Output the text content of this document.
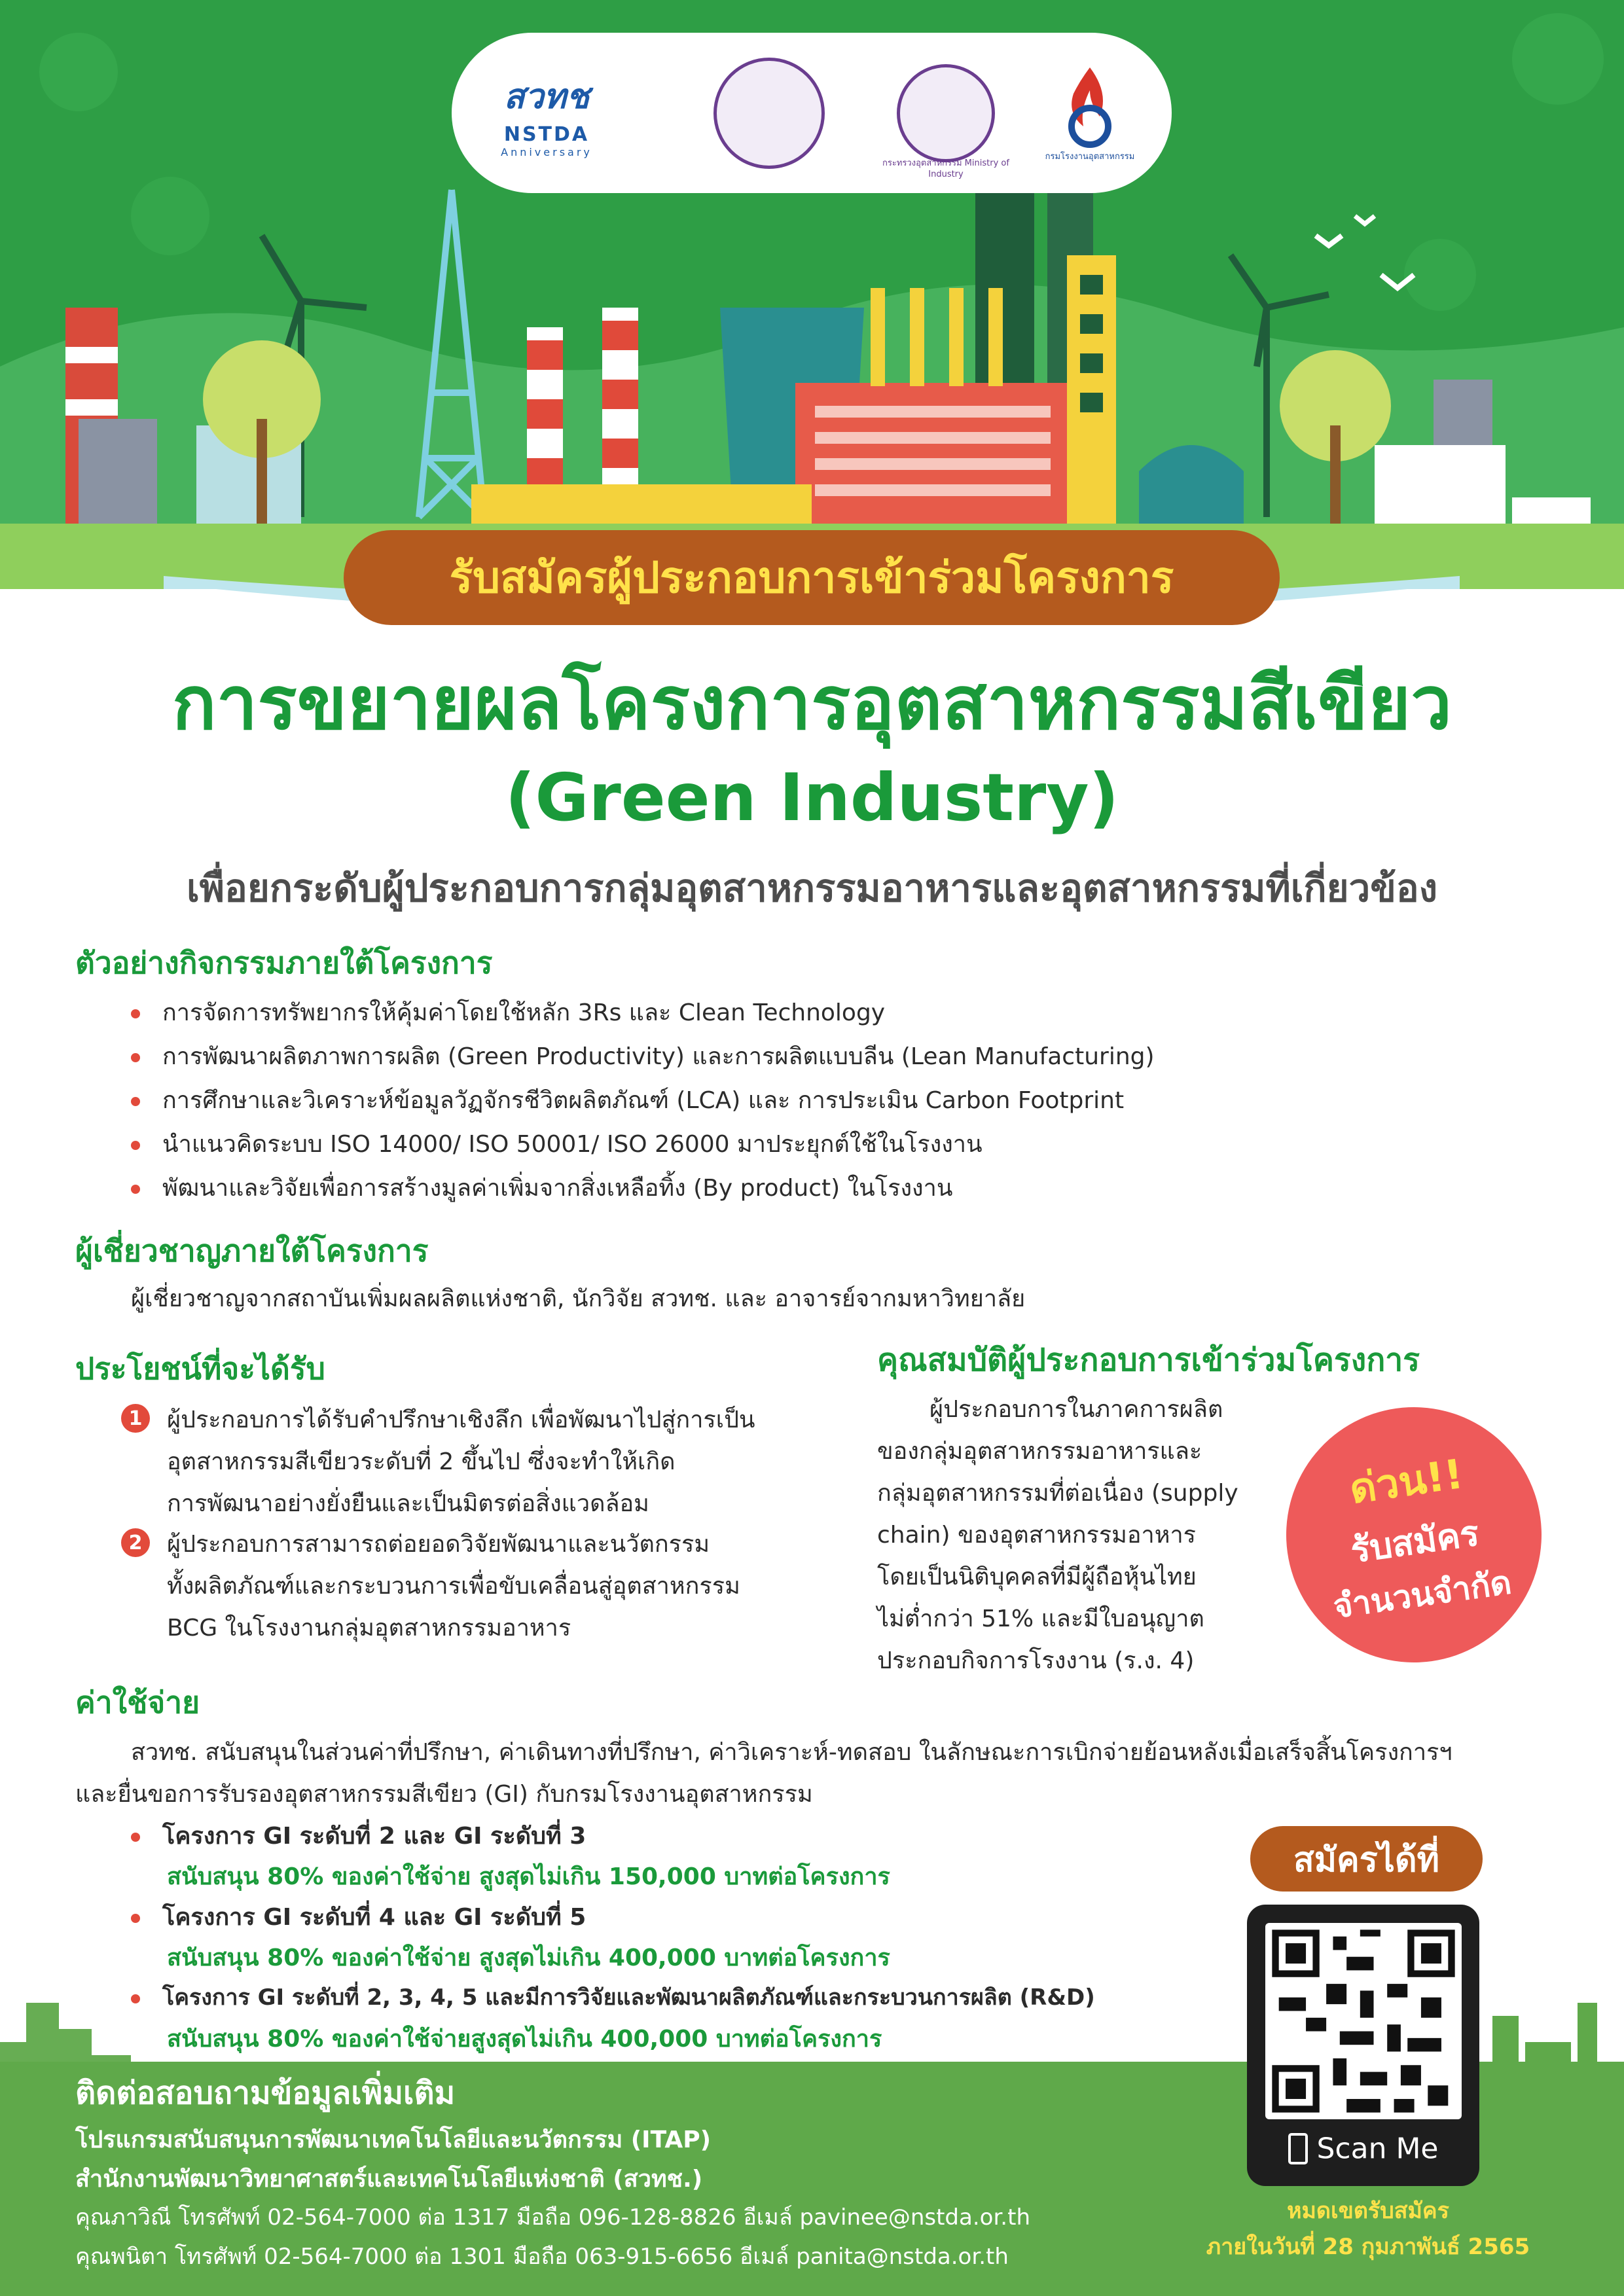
สวทช
NSTDA
Anniversary
กระทรวงอุตสาหกรรม Ministry of Industry
กรมโรงงานอุตสาหกรรม
รับสมัครผู้ประกอบการเข้าร่วมโครงการ
การขยายผลโครงการอุตสาหกรรมสีเขียว
(Green Industry)
เพื่อยกระดับผู้ประกอบการกลุ่มอุตสาหกรรมอาหารและอุตสาหกรรมที่เกี่ยวข้อง
ตัวอย่างกิจกรรมภายใต้โครงการ
การจัดการทรัพยากรให้คุ้มค่าโดยใช้หลัก 3Rs และ Clean Technology
การพัฒนาผลิตภาพการผลิต (Green Productivity) และการผลิตแบบลีน (Lean Manufacturing)
การศึกษาและวิเคราะห์ข้อมูลวัฏจักรชีวิตผลิตภัณฑ์ (LCA) และ การประเมิน Carbon Footprint
นำแนวคิดระบบ ISO 14000/ ISO 50001/ ISO 26000 มาประยุกต์ใช้ในโรงงาน
พัฒนาและวิจัยเพื่อการสร้างมูลค่าเพิ่มจากสิ่งเหลือทิ้ง (By product) ในโรงงาน
ผู้เชี่ยวชาญภายใต้โครงการ
ผู้เชี่ยวชาญจากสถาบันเพิ่มผลผลิตแห่งชาติ, นักวิจัย สวทช. และ อาจารย์จากมหาวิทยาลัย
ประโยชน์ที่จะได้รับ
1	ผู้ประกอบการได้รับคำปรึกษาเชิงลึก เพื่อพัฒนาไปสู่การเป็น
อุตสาหกรรมสีเขียวระดับที่ 2 ขึ้นไป ซึ่งจะทำให้เกิด
การพัฒนาอย่างยั่งยืนและเป็นมิตรต่อสิ่งแวดล้อม
2	ผู้ประกอบการสามารถต่อยอดวิจัยพัฒนาและนวัตกรรม
ทั้งผลิตภัณฑ์และกระบวนการเพื่อขับเคลื่อนสู่อุตสาหกรรม
BCG ในโรงงานกลุ่มอุตสาหกรรมอาหาร
คุณสมบัติผู้ประกอบการเข้าร่วมโครงการ
ผู้ประกอบการในภาคการผลิต
ของกลุ่มอุตสาหกรรมอาหารและ
กลุ่มอุตสาหกรรมที่ต่อเนื่อง (supply
chain) ของอุตสาหกรรมอาหาร
โดยเป็นนิติบุคคลที่มีผู้ถือหุ้นไทย
ไม่ต่ำกว่า 51% และมีใบอนุญาต
ประกอบกิจการโรงงาน (ร.ง. 4)
ด่วน!!
รับสมัคร
จำนวนจำกัด
ค่าใช้จ่าย
สวทช. สนับสนุนในส่วนค่าที่ปรึกษา, ค่าเดินทางที่ปรึกษา, ค่าวิเคราะห์-ทดสอบ ในลักษณะการเบิกจ่ายย้อนหลังเมื่อเสร็จสิ้นโครงการฯ
และยื่นขอการรับรองอุตสาหกรรมสีเขียว (GI) กับกรมโรงงานอุตสาหกรรม
โครงการ GI ระดับที่ 2 และ GI ระดับที่ 3
สนับสนุน 80% ของค่าใช้จ่าย สูงสุดไม่เกิน 150,000 บาทต่อโครงการ
โครงการ GI ระดับที่ 4 และ GI ระดับที่ 5
สนับสนุน 80% ของค่าใช้จ่าย สูงสุดไม่เกิน 400,000 บาทต่อโครงการ
โครงการ GI ระดับที่ 2, 3, 4, 5 และมีการวิจัยและพัฒนาผลิตภัณฑ์และกระบวนการผลิต (R&D)
สนับสนุน 80% ของค่าใช้จ่ายสูงสุดไม่เกิน 400,000 บาทต่อโครงการ
สมัครได้ที่
Scan Me
หมดเขตรับสมัคร
ภายในวันที่ 28 กุมภาพันธ์ 2565
ติดต่อสอบถามข้อมูลเพิ่มเติม
โปรแกรมสนับสนุนการพัฒนาเทคโนโลยีและนวัตกรรม (ITAP)
สำนักงานพัฒนาวิทยาศาสตร์และเทคโนโลยีแห่งชาติ (สวทช.)
คุณภาวิณี โทรศัพท์ 02-564-7000 ต่อ 1317 มือถือ 096-128-8826 อีเมล์ pavinee@nstda.or.th
คุณพนิตา โทรศัพท์ 02-564-7000 ต่อ 1301 มือถือ 063-915-6656 อีเมล์ panita@nstda.or.th
